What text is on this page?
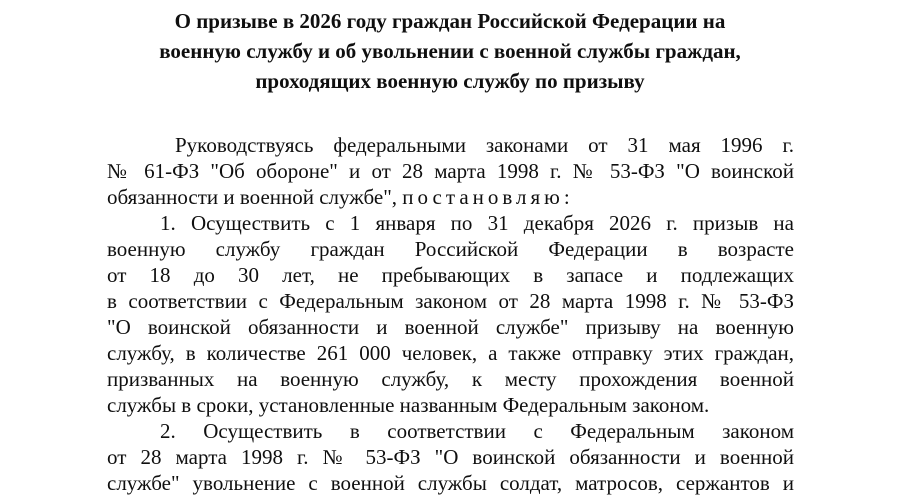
О призыве в 2026 году граждан Российской Федерации на
военную службу и об увольнении с военной службы граждан,
проходящих военную службу по призыву
Руководствуясь федеральными законами от 31 мая 1996 г.
№ 61-ФЗ "Об обороне" и от 28 марта 1998 г. № 53-ФЗ "О воинской
обязанности и военной службе", постановляю:
1. Осуществить с 1 января по 31 декабря 2026 г. призыв на
военную службу граждан Российской Федерации в возрасте
от 18 до 30 лет, не пребывающих в запасе и подлежащих
в соответствии с Федеральным законом от 28 марта 1998 г. № 53-ФЗ
"О воинской обязанности и военной службе" призыву на военную
службу, в количестве 261 000 человек, а также отправку этих граждан,
призванных на военную службу, к месту прохождения военной
службы в сроки, установленные названным Федеральным законом.
2. Осуществить в соответствии с Федеральным законом
от 28 марта 1998 г. № 53-ФЗ "О воинской обязанности и военной
службе" увольнение с военной службы солдат, матросов, сержантов и
